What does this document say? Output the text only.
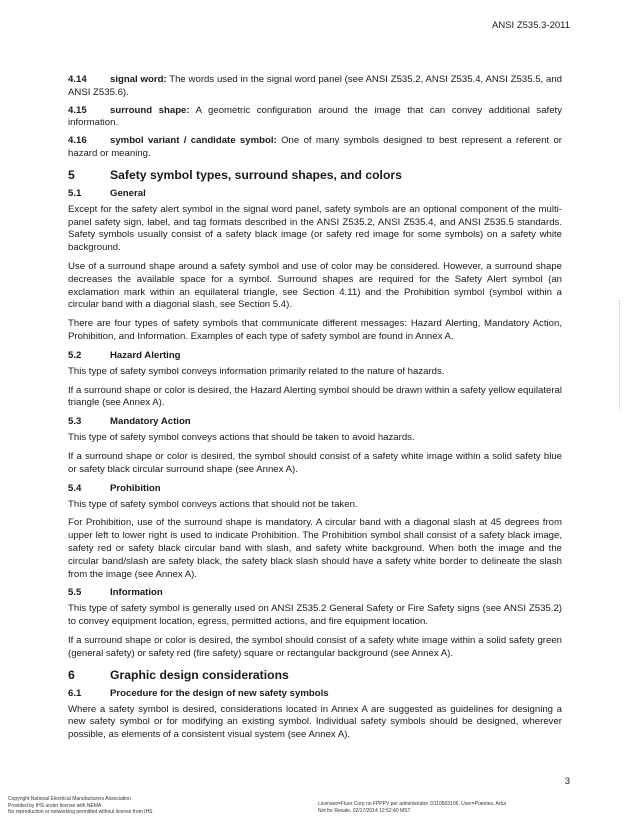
ANSI Z535.3-2011

4.14 signal word: The words used in the signal word panel (see ANSI Z535.2, ANSI Z535.4, ANSI Z535.5, and ANSI Z535.6).

4.15 surround shape: A geometric configuration around the image that can convey additional safety information.

4.16 symbol variant / candidate symbol: One of many symbols designed to best represent a referent or hazard or meaning.

5	Safety symbol types, surround shapes, and colors
5.1	General

Except for the safety alert symbol in the signal word panel, safety symbols are an optional component of the multi-panel safety sign, label, and tag formats described in the ANSI Z535.2, ANSI Z535.4, and ANSI Z535.5 standards. Safety symbols usually consist of a safety black image (or safety red image for some symbols) on a safety white background.

Use of a surround shape around a safety symbol and use of color may be considered. However, a surround shape decreases the available space for a symbol. Surround shapes are required for the Safety Alert symbol (an exclamation mark within an equilateral triangle, see Section 4.11) and the Prohibition symbol (symbol within a circular band with a diagonal slash, see Section 5.4).

There are four types of safety symbols that communicate different messages: Hazard Alerting, Mandatory Action, Prohibition, and Information. Examples of each type of safety symbol are found in Annex A.

5.2	Hazard Alerting

This type of safety symbol conveys information primarily related to the nature of hazards.

If a surround shape or color is desired, the Hazard Alerting symbol should be drawn within a safety yellow equilateral triangle (see Annex A).

5.3	Mandatory Action

This type of safety symbol conveys actions that should be taken to avoid hazards.

If a surround shape or color is desired, the symbol should consist of a safety white image within a solid safety blue or safety black circular surround shape (see Annex A).

5.4	Prohibition

This type of safety symbol conveys actions that should not be taken.

For Prohibition, use of the surround shape is mandatory. A circular band with a diagonal slash at 45 degrees from upper left to lower right is used to indicate Prohibition. The Prohibition symbol shall consist of a safety black image, safety red or safety black circular band with slash, and safety white background. When both the image and the circular band/slash are safety black, the safety black slash should have a safety white border to delineate the slash from the image (see Annex A).

5.5	Information

This type of safety symbol is generally used on ANSI Z535.2 General Safety or Fire Safety signs (see ANSI Z535.2) to convey equipment location, egress, permitted actions, and fire equipment location.

If a surround shape or color is desired, the symbol should consist of a safety white image within a solid safety green (general safety) or safety red (fire safety) square or rectangular background (see Annex A).

6	Graphic design considerations
6.1	Procedure for the design of new safety symbols

Where a safety symbol is desired, considerations located in Annex A are suggested as guidelines for designing a new safety symbol or for modifying an existing symbol. Individual safety symbols should be designed, wherever possible, as elements of a consistent visual system (see Annex A).

3
Copyright National Electrical Manufacturers Association
Provided by IHS under license with NEMA
No reproduction or networking permitted without license from IHS
Licensee=Fluor Corp no FPPPV per administrator /2110503106, User=Puentes, Artur
Not for Resale, 02/17/2014 12:52:40 MST
